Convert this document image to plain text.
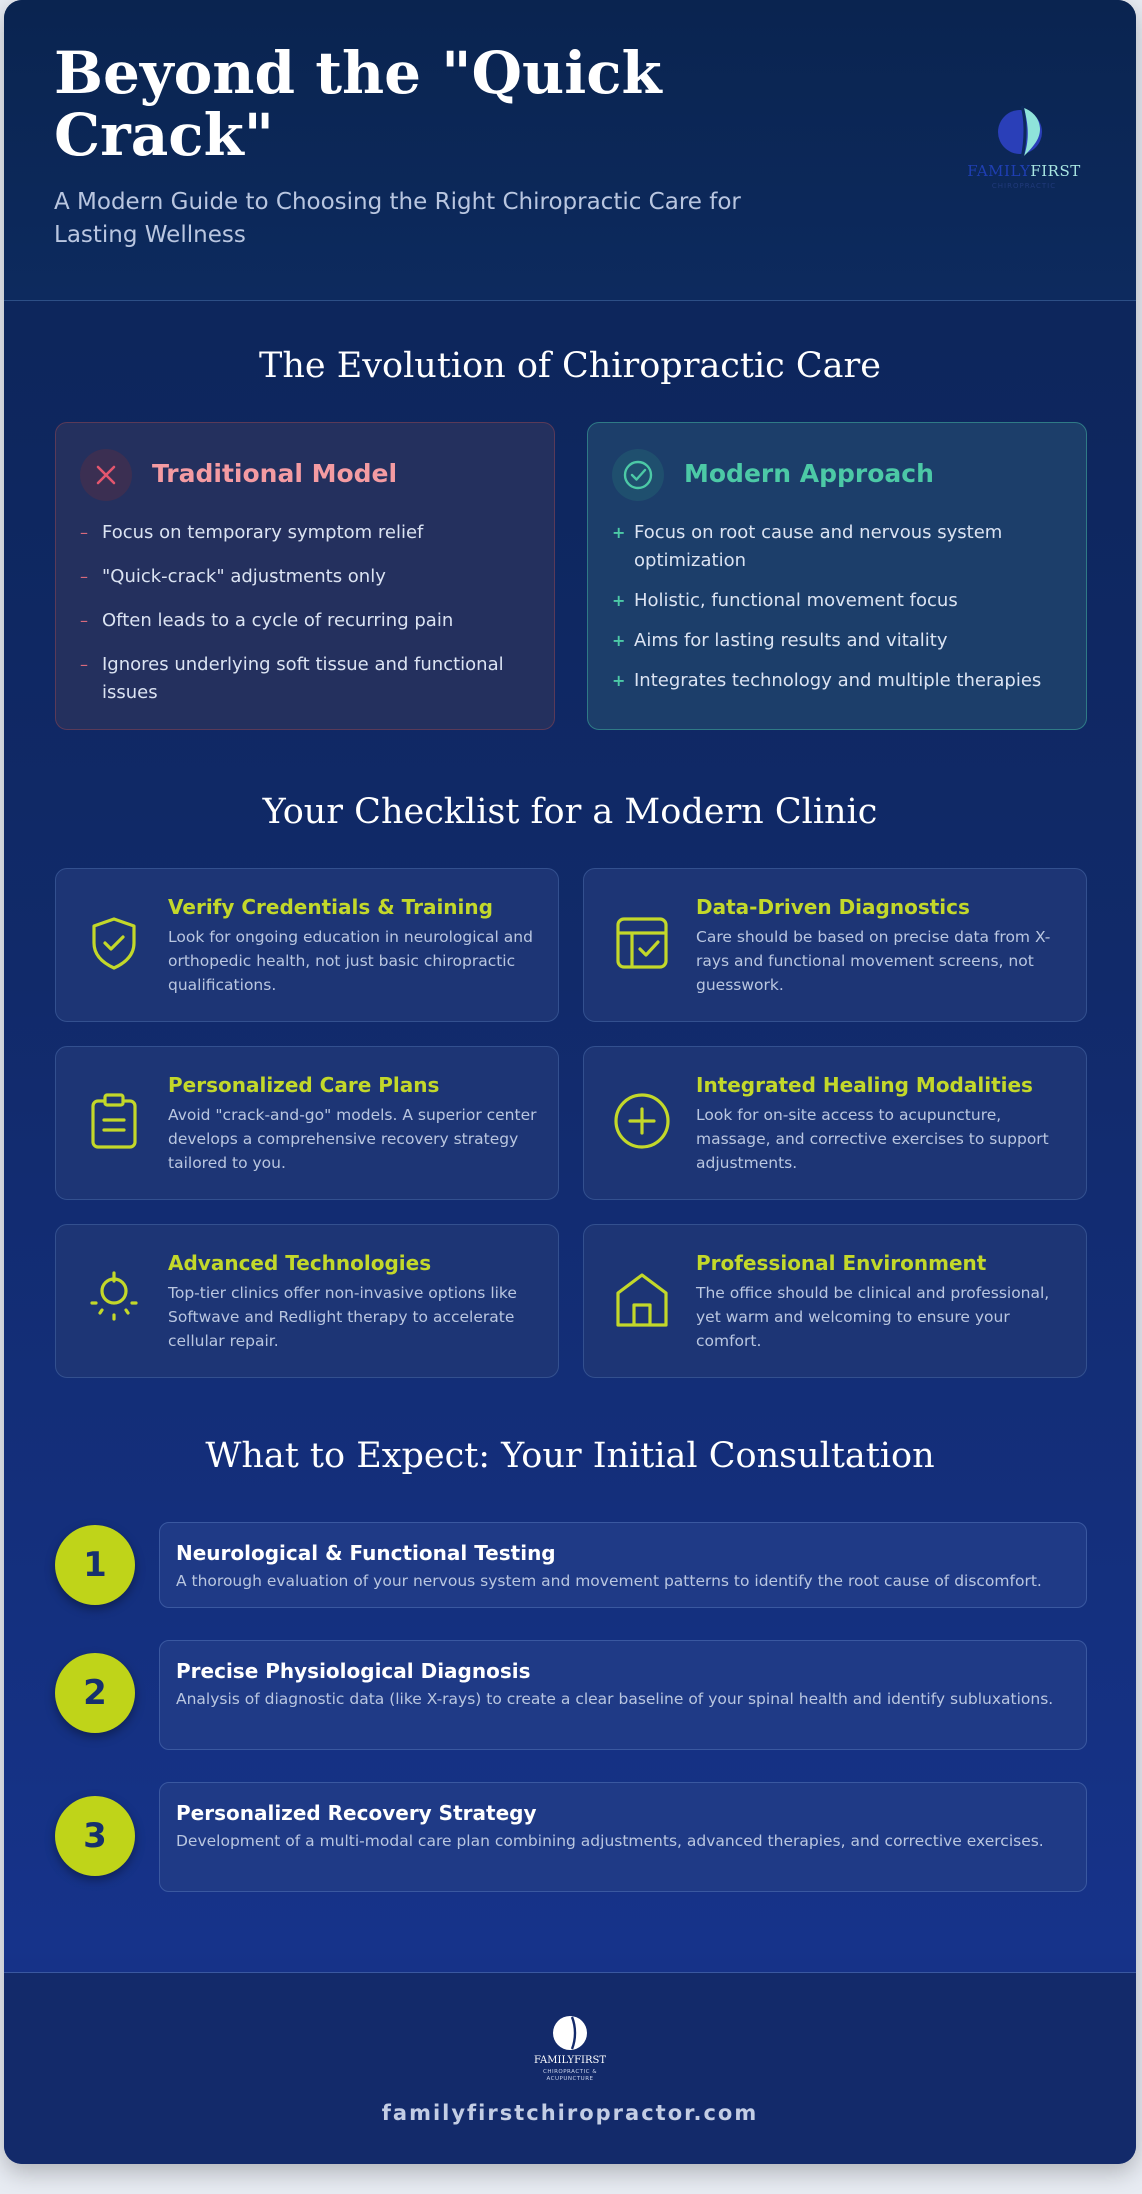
Beyond the "Quick Crack"

A Modern Guide to Choosing the Right Chiropractic Care for Lasting Wellness

FAMILYFIRST
CHIROPRACTIC
The Evolution of Chiropractic Care
Traditional Model
– Focus on temporary symptom relief
– "Quick-crack" adjustments only
– Often leads to a cycle of recurring pain
– Ignores underlying soft tissue and functional issues
Modern Approach
+ Focus on root cause and nervous system optimization
+ Holistic, functional movement focus
+ Aims for lasting results and vitality
+ Integrates technology and multiple therapies
Your Checklist for a Modern Clinic
Verify Credentials & Training
Look for ongoing education in neurological and orthopedic health, not just basic chiropractic qualifications.
Data-Driven Diagnostics
Care should be based on precise data from X-rays and functional movement screens, not guesswork.
Personalized Care Plans
Avoid "crack-and-go" models. A superior center develops a comprehensive recovery strategy tailored to you.
Integrated Healing Modalities
Look for on-site access to acupuncture, massage, and corrective exercises to support adjustments.
Advanced Technologies
Top-tier clinics offer non-invasive options like Softwave and Redlight therapy to accelerate cellular repair.
Professional Environment
The office should be clinical and professional, yet warm and welcoming to ensure your comfort.
What to Expect: Your Initial Consultation
1	Neurological & Functional Testing
A thorough evaluation of your nervous system and movement patterns to identify the root cause of discomfort.
2
Precise Physiological Diagnosis
Analysis of diagnostic data (like X-rays) to create a clear baseline of your spinal health and identify subluxations.
3
Personalized Recovery Strategy
Development of a multi-modal care plan combining adjustments, advanced therapies, and corrective exercises.
FAMILYFIRST
CHIROPRACTIC & ACUPUNCTURE
familyfirstchiropractor.com
